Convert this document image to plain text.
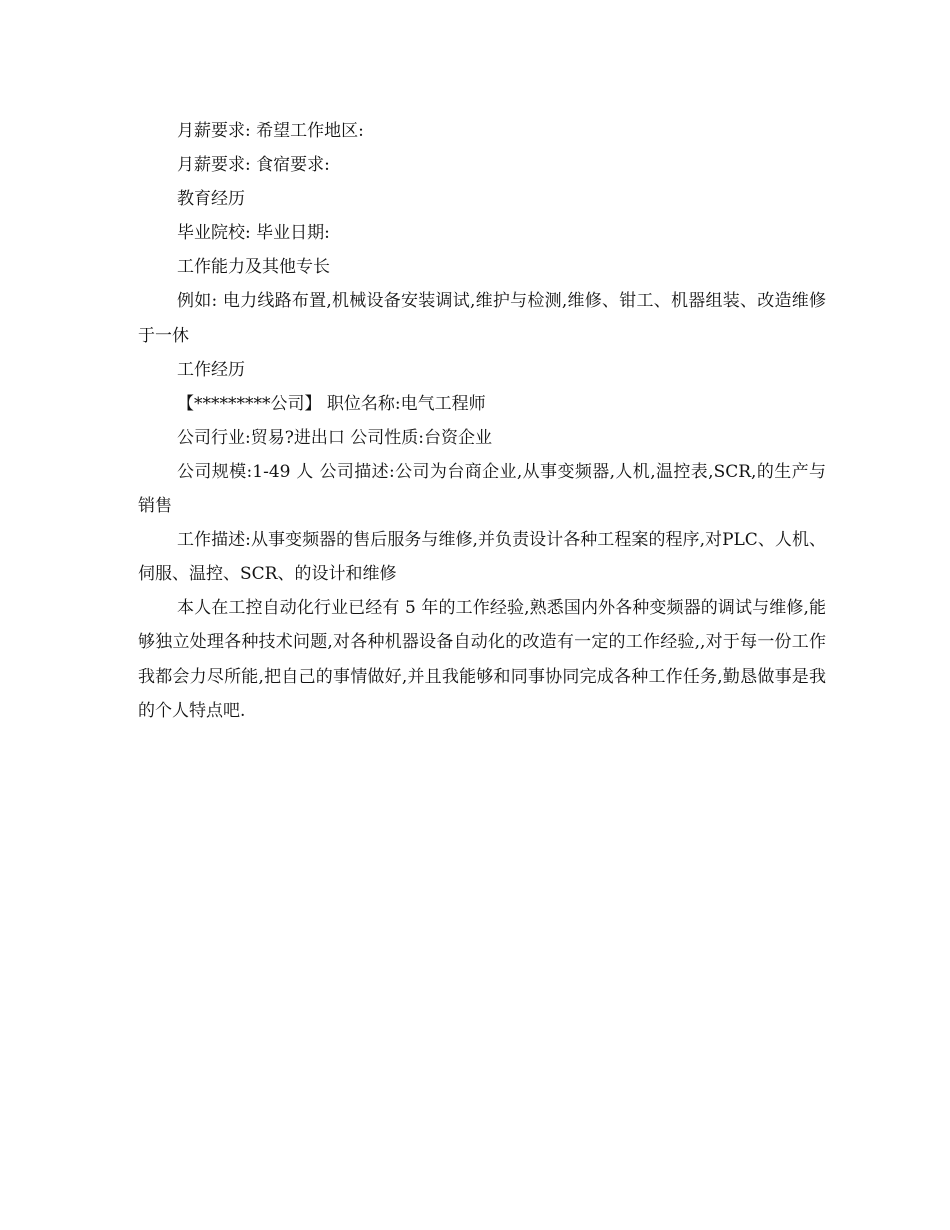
月薪要求: 希望工作地区:

月薪要求: 食宿要求:

教育经历

毕业院校: 毕业日期:

工作能力及其他专长

例如: 电力线路布置,机械设备安装调试,维护与检测,维修、钳工、机器组装、改造维修于一休

工作经历

【*********公司】 职位名称:电气工程师

公司行业:贸易?进出口 公司性质:台资企业

公司规模:1-49 人 公司描述:公司为台商企业,从事变频器,人机,温控表,SCR,的生产与销售

工作描述:从事变频器的售后服务与维修,并负责设计各种工程案的程序,对PLC、人机、伺服、温控、SCR、的设计和维修

本人在工控自动化行业已经有 5 年的工作经验,熟悉国内外各种变频器的调试与维修,能够独立处理各种技术问题,对各种机器设备自动化的改造有一定的工作经验,,对于每一份工作我都会力尽所能,把自己的事情做好,并且我能够和同事协同完成各种工作任务,勤恳做事是我的个人特点吧.
